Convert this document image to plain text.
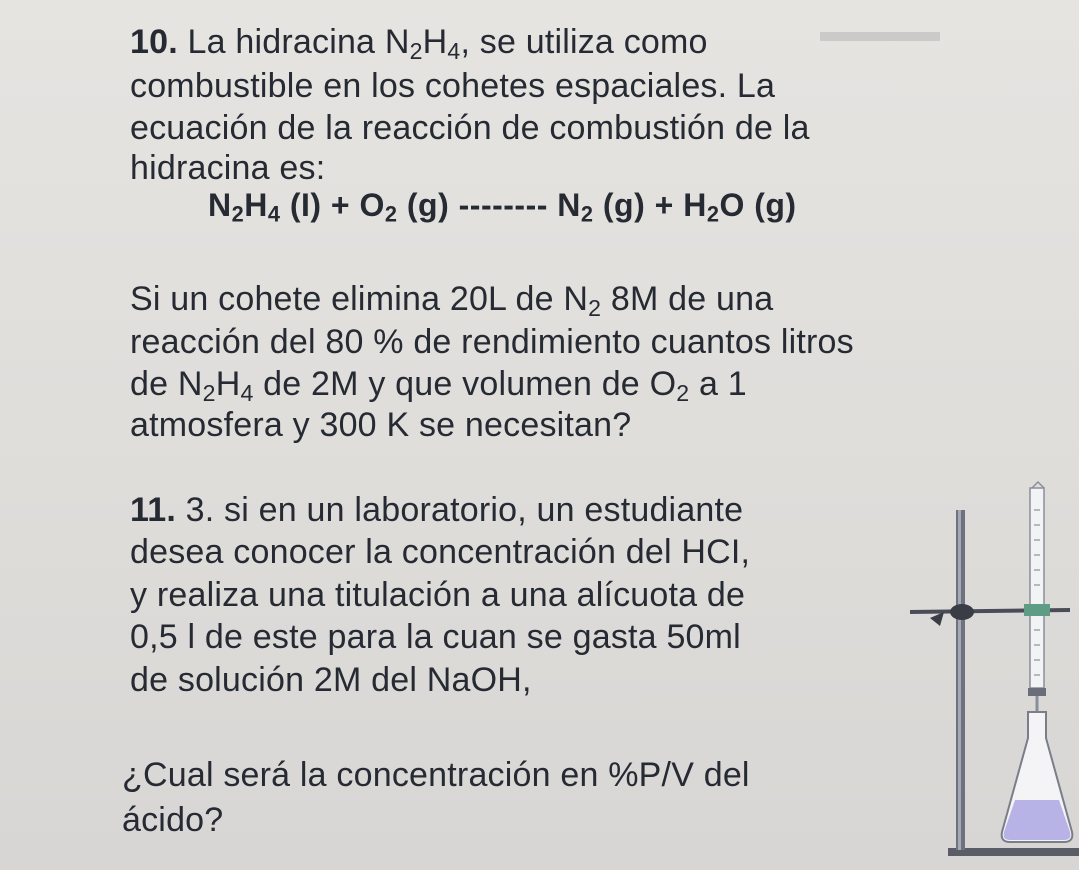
▬▬▬▬
10. La hidracina $N_2H_4$, se utiliza como
combustible en los cohetes espaciales. La
ecuación de la reacción de combustión de la
hidracina es:
$N_2H_4$ $(I) + O_2$ (g) -------- $N_2$ $(g) + H_2O$ (g)
Si un cohete elimina 20L de $N_2$ 8M de una
reacción del 80 % de rendimiento cuantos litros
de $N_2H_4$ de 2M y que volumen de $O_2$ a 1
atmosfera y 300 K se necesitan?
11. 3. si en un laboratorio, un estudiante
desea conocer la concentración del HCI,
y realiza una titulación a una alícuota de
0,5 l de este para la cuan se gasta 50ml
de solución 2M del NaOH,
¿Cual será la concentración en %P/V del
ácido?
